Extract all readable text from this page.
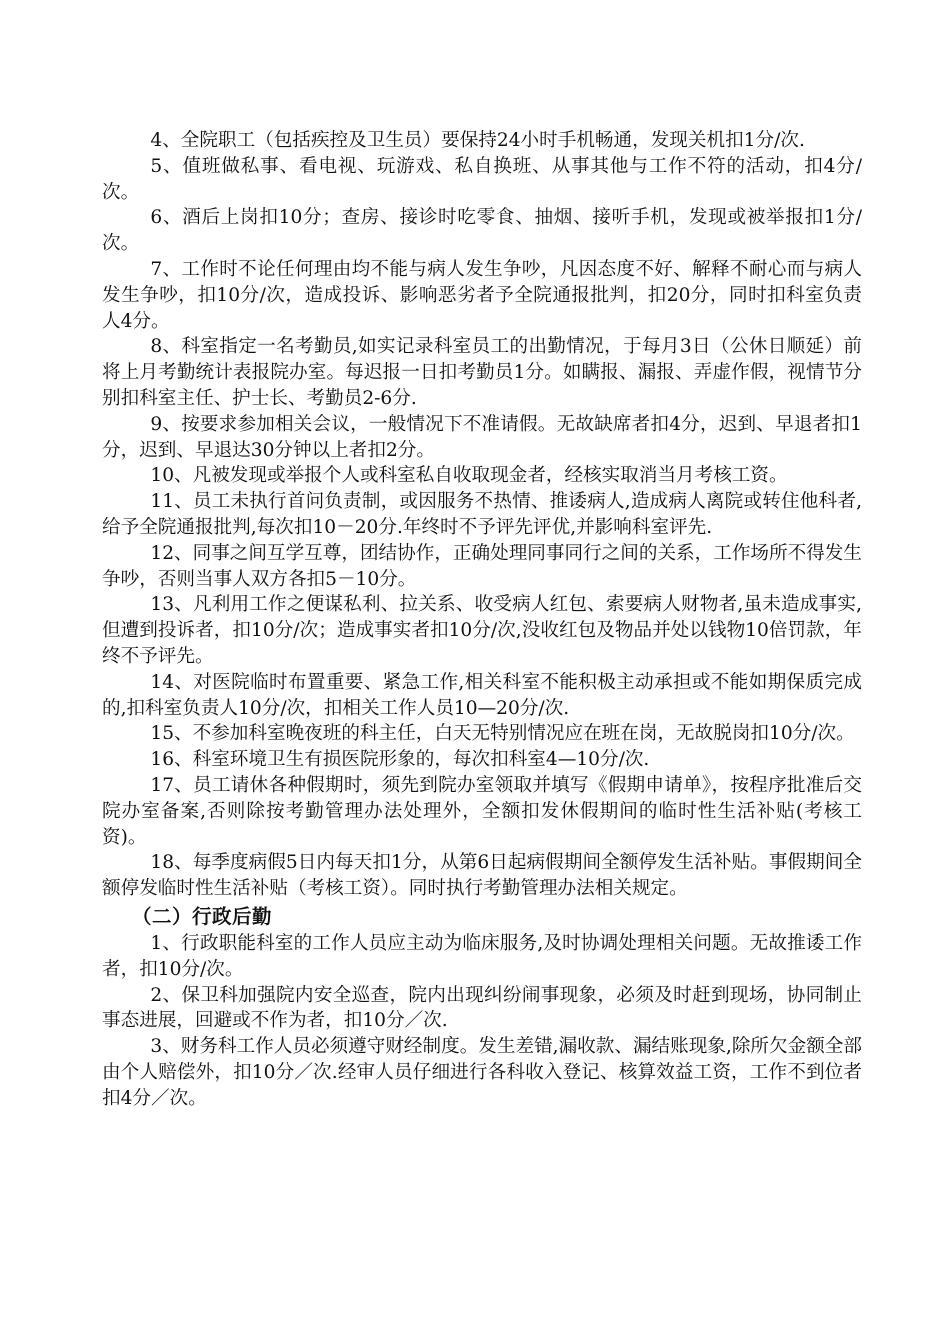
4、全院职工（包括疾控及卫生员）要保持24小时手机畅通，发现关机扣1分/次.

5、值班做私事、看电视、玩游戏、私自换班、从事其他与工作不符的活动，扣4分/次。

6、酒后上岗扣10分；查房、接诊时吃零食、抽烟、接听手机，发现或被举报扣1分/次。

7、工作时不论任何理由均不能与病人发生争吵，凡因态度不好、解释不耐心而与病人发生争吵，扣10分/次，造成投诉、影响恶劣者予全院通报批判，扣20分，同时扣科室负责人4分。

8、科室指定一名考勤员,如实记录科室员工的出勤情况，于每月3日（公休日顺延）前将上月考勤统计表报院办室。每迟报一日扣考勤员1分。如瞒报、漏报、弄虚作假，视情节分别扣科室主任、护士长、考勤员2-6分.

9、按要求参加相关会议，一般情况下不准请假。无故缺席者扣4分，迟到、早退者扣1分，迟到、早退达30分钟以上者扣2分。

10、凡被发现或举报个人或科室私自收取现金者，经核实取消当月考核工资。

11、员工未执行首问负责制，或因服务不热情、推诿病人,造成病人离院或转住他科者,给予全院通报批判,每次扣10－20分.年终时不予评先评优,并影响科室评先.

12、同事之间互学互尊，团结协作，正确处理同事同行之间的关系，工作场所不得发生争吵，否则当事人双方各扣5－10分。

13、凡利用工作之便谋私利、拉关系、收受病人红包、索要病人财物者,虽未造成事实,但遭到投诉者，扣10分/次；造成事实者扣10分/次,没收红包及物品并处以钱物10倍罚款，年终不予评先。

14、对医院临时布置重要、紧急工作,相关科室不能积极主动承担或不能如期保质完成的,扣科室负责人10分/次，扣相关工作人员10—20分/次.

15、不参加科室晚夜班的科主任，白天无特别情况应在班在岗，无故脱岗扣10分/次。

16、科室环境卫生有损医院形象的，每次扣科室4—10分/次.

17、员工请休各种假期时，须先到院办室领取并填写《假期申请单》，按程序批准后交院办室备案,否则除按考勤管理办法处理外，全额扣发休假期间的临时性生活补贴(考核工资)。

18、每季度病假5日内每天扣1分，从第6日起病假期间全额停发生活补贴。事假期间全额停发临时性生活补贴（考核工资）。同时执行考勤管理办法相关规定。

（二）行政后勤

1、行政职能科室的工作人员应主动为临床服务,及时协调处理相关问题。无故推诿工作者，扣10分/次。

2、保卫科加强院内安全巡查，院内出现纠纷闹事现象，必须及时赶到现场，协同制止事态进展，回避或不作为者，扣10分／次.

3、财务科工作人员必须遵守财经制度。发生差错,漏收款、漏结账现象,除所欠金额全部由个人赔偿外，扣10分／次.经审人员仔细进行各科收入登记、核算效益工资，工作不到位者扣4分／次。
